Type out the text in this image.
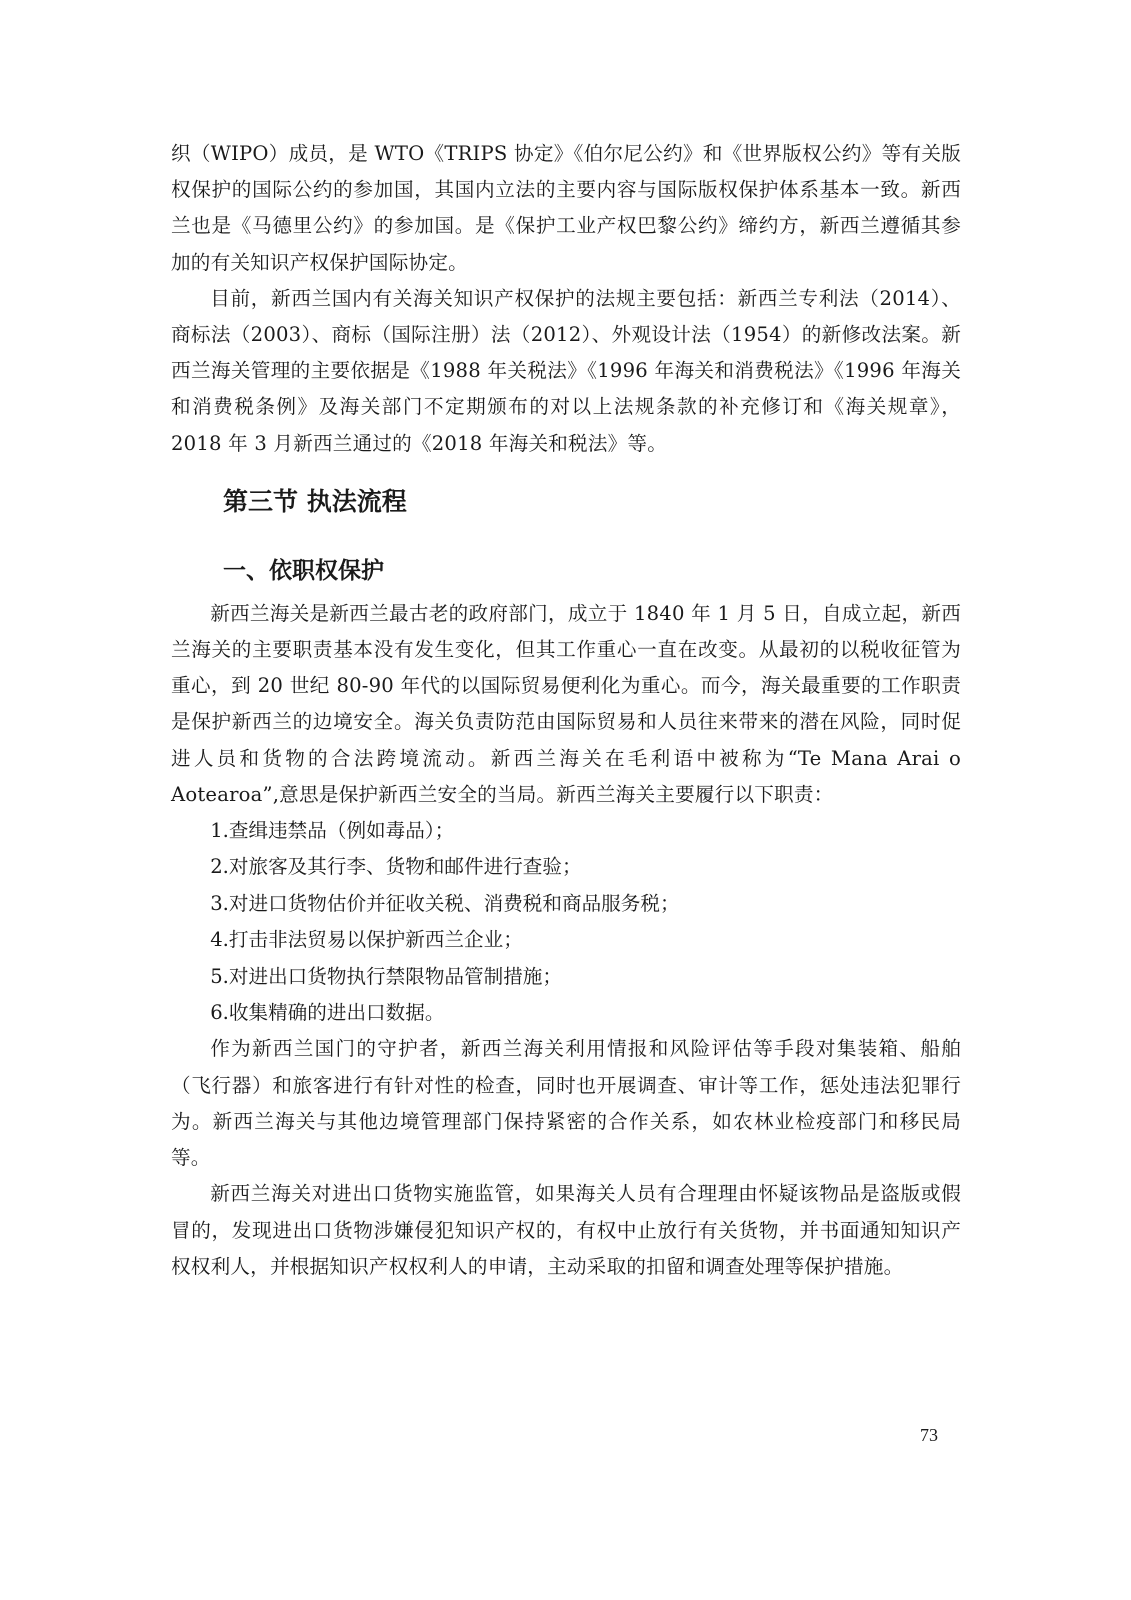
织（WIPO）成员，是 WTO《TRIPS 协定》《伯尔尼公约》和《世界版权公约》等有关版权保护的国际公约的参加国，其国内立法的主要内容与国际版权保护体系基本一致。新西兰也是《马德里公约》的参加国。是《保护工业产权巴黎公约》缔约方，新西兰遵循其参加的有关知识产权保护国际协定。

目前，新西兰国内有关海关知识产权保护的法规主要包括：新西兰专利法（2014）、商标法（2003）、商标（国际注册）法（2012）、外观设计法（1954）的新修改法案。新西兰海关管理的主要依据是《1988 年关税法》《1996 年海关和消费税法》《1996 年海关和消费税条例》及海关部门不定期颁布的对以上法规条款的补充修订和《海关规章》，2018 年 3 月新西兰通过的《2018 年海关和税法》等。

第三节 执法流程
一、依职权保护

新西兰海关是新西兰最古老的政府部门，成立于 1840 年 1 月 5 日，自成立起，新西兰海关的主要职责基本没有发生变化，但其工作重心一直在改变。从最初的以税收征管为重心，到 20 世纪 80-90 年代的以国际贸易便利化为重心。而今，海关最重要的工作职责是保护新西兰的边境安全。海关负责防范由国际贸易和人员往来带来的潜在风险，同时促进人员和货物的合法跨境流动。新西兰海关在毛利语中被称为“Te Mana Arai o Aotearoa”,意思是保护新西兰安全的当局。新西兰海关主要履行以下职责：

1.查缉违禁品（例如毒品）；
2.对旅客及其行李、货物和邮件进行查验；
3.对进口货物估价并征收关税、消费税和商品服务税；
4.打击非法贸易以保护新西兰企业；
5.对进出口货物执行禁限物品管制措施；
6.收集精确的进出口数据。

作为新西兰国门的守护者，新西兰海关利用情报和风险评估等手段对集装箱、船舶（飞行器）和旅客进行有针对性的检查，同时也开展调查、审计等工作，惩处违法犯罪行为。新西兰海关与其他边境管理部门保持紧密的合作关系，如农林业检疫部门和移民局等。

新西兰海关对进出口货物实施监管，如果海关人员有合理理由怀疑该物品是盗版或假冒的，发现进出口货物涉嫌侵犯知识产权的，有权中止放行有关货物，并书面通知知识产权权利人，并根据知识产权权利人的申请，主动采取的扣留和调查处理等保护措施。

73
